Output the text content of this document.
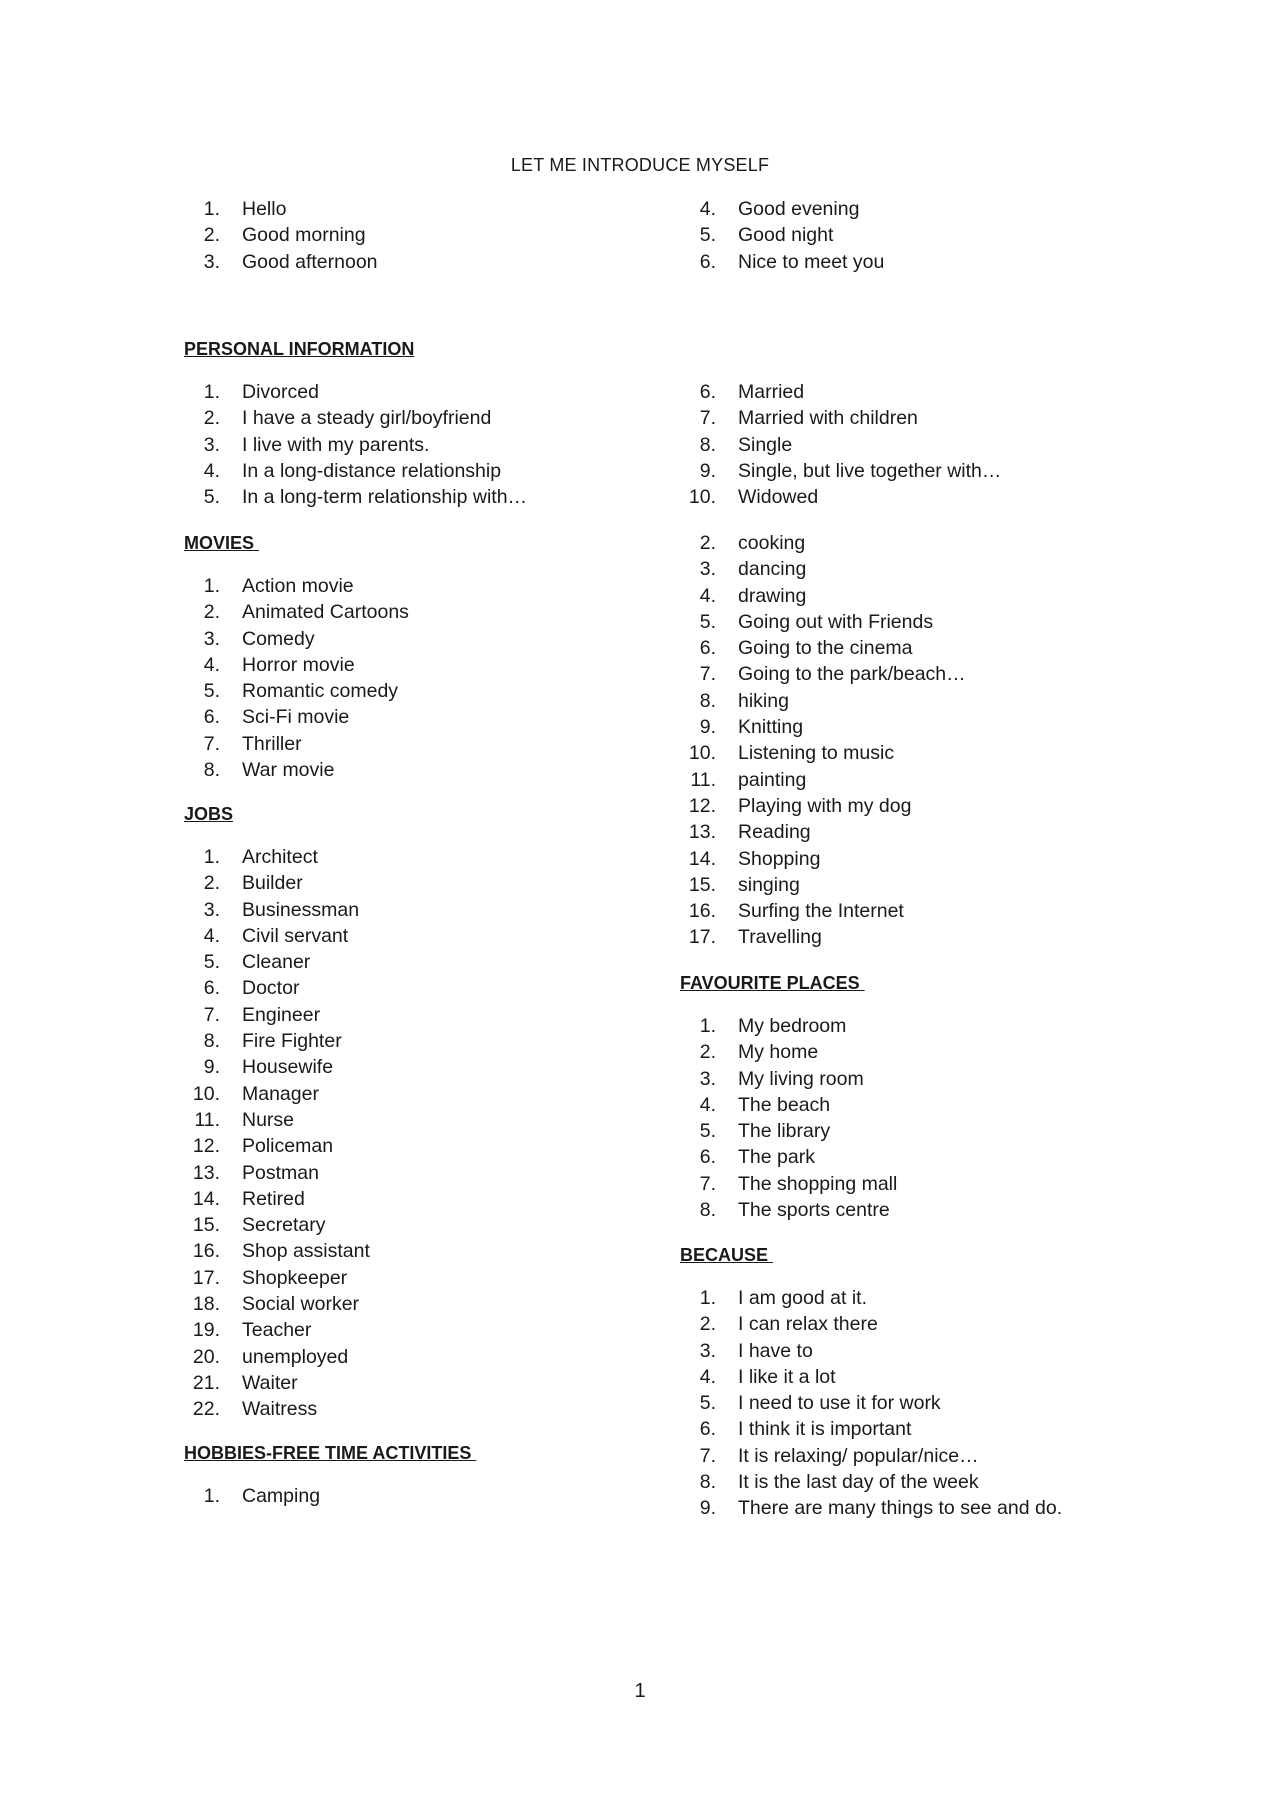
LET ME INTRODUCE MYSELF
1.	Hello
2.	Good morning
3.	Good afternoon
4.	Good evening
5.	Good night
6.	Nice to meet you
PERSONAL INFORMATION
1.	Divorced
2.	I have a steady girl/boyfriend
3.	I live with my parents.
4.	In a long-distance relationship
5.	In a long-term relationship with…
6.	Married
7.	Married with children
8.	Single
9.	Single, but live together with…
10.	Widowed
MOVIES
1.	Action movie
2.	Animated Cartoons
3.	Comedy
4.	Horror movie
5.	Romantic comedy
6.	Sci-Fi movie
7.	Thriller
8.	War movie
JOBS
1.	Architect
2.	Builder
3.	Businessman
4.	Civil servant
5.	Cleaner
6.	Doctor
7.	Engineer
8.	Fire Fighter
9.	Housewife
10.	Manager
11.	Nurse
12.	Policeman
13.	Postman
14.	Retired
15.	Secretary
16.	Shop assistant
17.	Shopkeeper
18.	Social worker
19.	Teacher
20.	unemployed
21.	Waiter
22.	Waitress
HOBBIES-FREE TIME ACTIVITIES
1.	Camping
2.	cooking
3.	dancing
4.	drawing
5.	Going out with Friends
6.	Going to the cinema
7.	Going to the park/beach…
8.	hiking
9.	Knitting
10.	Listening to music
11.	painting
12.	Playing with my dog
13.	Reading
14.	Shopping
15.	singing
16.	Surfing the Internet
17.	Travelling
FAVOURITE PLACES
1.	My bedroom
2.	My home
3.	My living room
4.	The beach
5.	The library
6.	The park
7.	The shopping mall
8.	The sports centre
BECAUSE
1.	I am good at it.
2.	I can relax there
3.	I have to
4.	I like it a lot
5.	I need to use it for work
6.	I think it is important
7.	It is relaxing/ popular/nice…
8.	It is the last day of the week
9.	There are many things to see and do.
1
